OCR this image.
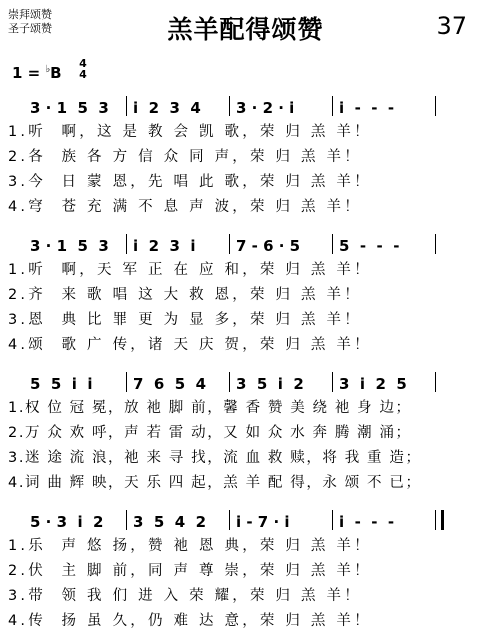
崇拜颂赞
圣子颂赞	羔羊配得颂赞	37
1 = ♭B
4
4
3 · 1  5  3	i  2  3  4	3 · 2 · i	i  -  -  -
1.听  啊，这 是 教 会 凯 歌，荣 归 羔 羊！
2.各  族 各 方 信 众 同 声，荣 归 羔 羊！
3.今  日 蒙 恩，先 唱 此 歌，荣 归 羔 羊！
4.穹  苍 充 满 不 息 声 波，荣 归 羔 羊！
3 · 1  5  3	i  2  3  i	7 - 6 · 5	5  -  -  -
1.听  啊，天 军 正 在 应 和，荣 归 羔 羊！
2.齐  来 歌 唱 这 大 救 恩，荣 归 羔 羊！
3.恩  典 比 罪 更 为 显 多，荣 归 羔 羊！
4.颂  歌 广 传，诸 天 庆 贺，荣 归 羔 羊！
5  5  i  i	7  6  5  4	3  5  i  2	3  i  2  5
1.权 位 冠 冕，放 祂 脚 前，馨 香 赞 美 绕 祂 身 边；
2.万 众 欢 呼，声 若 雷 动，又 如 众 水 奔 腾 潮 涌；
3.迷 途 流 浪，祂 来 寻 找，流 血 救 赎，将 我 重 造；
4.词 曲 辉 映，天 乐 四 起，羔 羊 配 得，永 颂 不 已；
5 · 3  i  2	3  5  4  2	i - 7 · i	i  -  -  -
1.乐  声 悠 扬，赞 祂 恩 典，荣 归 羔 羊！
2.伏  主 脚 前，同 声 尊 崇，荣 归 羔 羊！
3.带  领 我 们 进 入 荣 耀，荣 归 羔 羊！
4.传  扬 虽 久，仍 难 达 意，荣 归 羔 羊！
